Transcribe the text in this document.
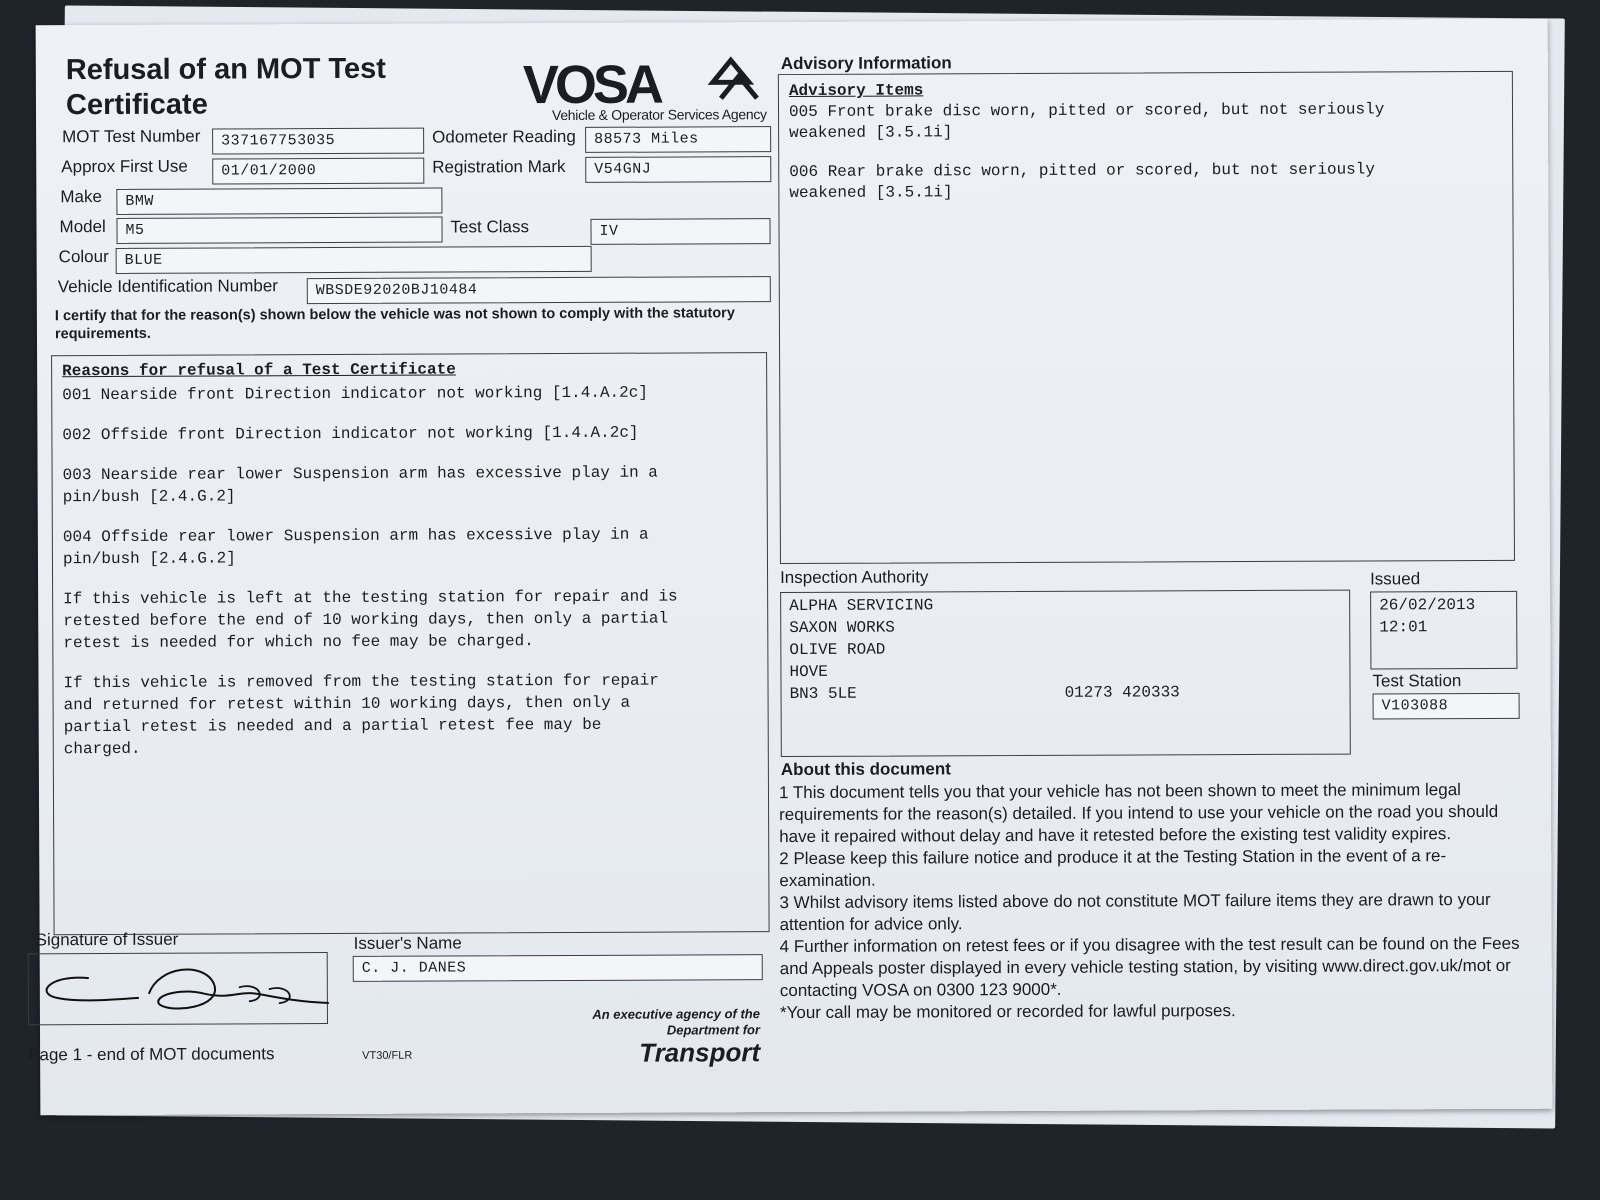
Refusal of an MOT Test
Certificate	VOSA
Vehicle & Operator Services Agency
MOT Test Number	337167753035	Odometer Reading	88573 Miles
Approx First Use	01/01/2000	Registration Mark	V54GNJ
Make	BMW
Model	M5	Test Class	IV
Colour	BLUE
Vehicle Identification Number	WBSDE92020BJ10484
I certify that for the reason(s) shown below the vehicle was not shown to comply with the statutory requirements.
Reasons for refusal of a Test Certificate

001 Nearside front Direction indicator not working [1.4.A.2c]

002 Offside front Direction indicator not working [1.4.A.2c]

003 Nearside rear lower Suspension arm has excessive play in a
pin/bush [2.4.G.2]

004 Offside rear lower Suspension arm has excessive play in a
pin/bush [2.4.G.2]

If this vehicle is left at the testing station for repair and is
retested before the end of 10 working days, then only a partial
retest is needed for which no fee may be charged.

If this vehicle is removed from the testing station for repair
and returned for retest within 10 working days, then only a
partial retest is needed and a partial retest fee may be
charged.

Advisory Information
Advisory Items

005 Front brake disc worn, pitted or scored, but not seriously
weakened [3.5.1i]

006 Rear brake disc worn, pitted or scored, but not seriously
weakened [3.5.1i]

Inspection Authority
ALPHA SERVICING
SAXON WORKS
OLIVE ROAD
HOVE
BN3 5LE	01273 420333
Issued
26/02/2013
12:01
Test Station
V103088
About this document

1 This document tells you that your vehicle has not been shown to meet the minimum legal requirements for the reason(s) detailed. If you intend to use your vehicle on the road you should have it repaired without delay and have it retested before the existing test validity expires.

2 Please keep this failure notice and produce it at the Testing Station in the event of a re-examination.

3 Whilst advisory items listed above do not constitute MOT failure items they are drawn to your attention for advice only.

4 Further information on retest fees or if you disagree with the test result can be found on the Fees and Appeals poster displayed in every vehicle testing station, by visiting www.direct.gov.uk/mot or contacting VOSA on 0300 123 9000*.

*Your call may be monitored or recorded for lawful purposes.

Signature of Issuer	Issuer's Name
C. J. DANES
Page 1 - end of MOT documents	VT30/FLR
An executive agency of the
Department for
Transport
